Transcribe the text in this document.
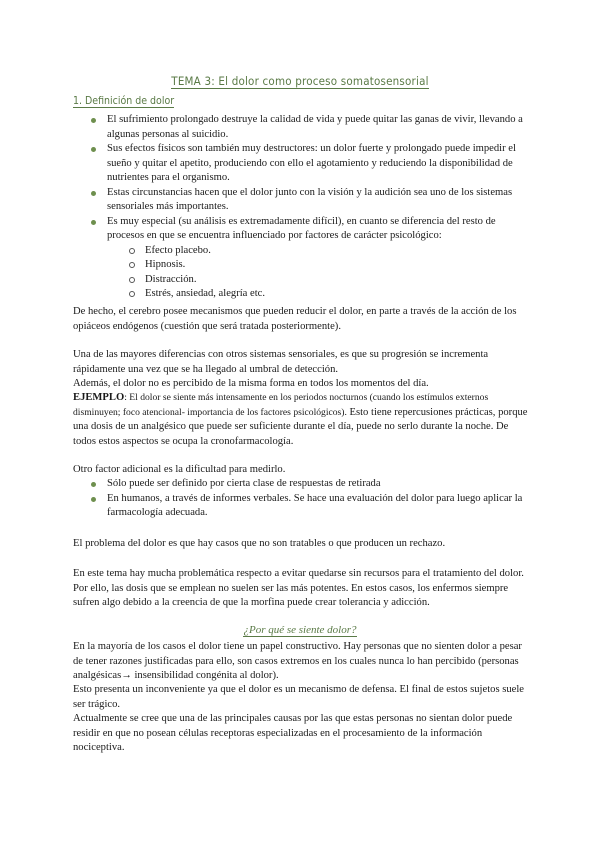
TEMA 3: El dolor como proceso somatosensorial
1. Definición de dolor
El sufrimiento prolongado destruye la calidad de vida y puede quitar las ganas de vivir, llevando a algunas personas al suicidio.
Sus efectos físicos son también muy destructores: un dolor fuerte y prolongado puede impedir el sueño y quitar el apetito, produciendo con ello el agotamiento y reduciendo la disponibilidad de nutrientes para el organismo.
Estas circunstancias hacen que el dolor junto con la visión y la audición sea uno de los sistemas sensoriales más importantes.
Es muy especial (su análisis es extremadamente difícil), en cuanto se diferencia del resto de procesos en que se encuentra influenciado por factores de carácter psicológico:
Efecto placebo.
Hipnosis.
Distracción.
Estrés, ansiedad, alegría etc.
De hecho, el cerebro posee mecanismos que pueden reducir el dolor, en parte a través de la acción de los opiáceos endógenos (cuestión que será tratada posteriormente).
Una de las mayores diferencias con otros sistemas sensoriales, es que su progresión se incrementa rápidamente una vez que se ha llegado al umbral de detección.
Además, el dolor no es percibido de la misma forma en todos los momentos del día.
EJEMPLO: El dolor se siente más intensamente en los periodos nocturnos (cuando los estímulos externos disminuyen; foco atencional- importancia de los factores psicológicos). Esto tiene repercusiones prácticas, porque una dosis de un analgésico que puede ser suficiente durante el día, puede no serlo durante la noche. De todos estos aspectos se ocupa la cronofarmacología.
Otro factor adicional es la dificultad para medirlo.
Sólo puede ser definido por cierta clase de respuestas de retirada
En humanos, a través de informes verbales. Se hace una evaluación del dolor para luego aplicar la farmacología adecuada.
El problema del dolor es que hay casos que no son tratables o que producen un rechazo.
En este tema hay mucha problemática respecto a evitar quedarse sin recursos para el tratamiento del dolor. Por ello, las dosis que se emplean no suelen ser las más potentes. En estos casos, los enfermos siempre sufren algo debido a la creencia de que la morfina puede crear tolerancia y adicción.
¿Por qué se siente dolor?
En la mayoría de los casos el dolor tiene un papel constructivo. Hay personas que no sienten dolor a pesar de tener razones justificadas para ello, son casos extremos en los cuales nunca lo han percibido (personas analgésicas→ insensibilidad congénita al dolor).
Esto presenta un inconveniente ya que el dolor es un mecanismo de defensa. El final de estos sujetos suele ser trágico.
Actualmente se cree que una de las principales causas por las que estas personas no sientan dolor puede residir en que no posean células receptoras especializadas en el procesamiento de la información nociceptiva.
